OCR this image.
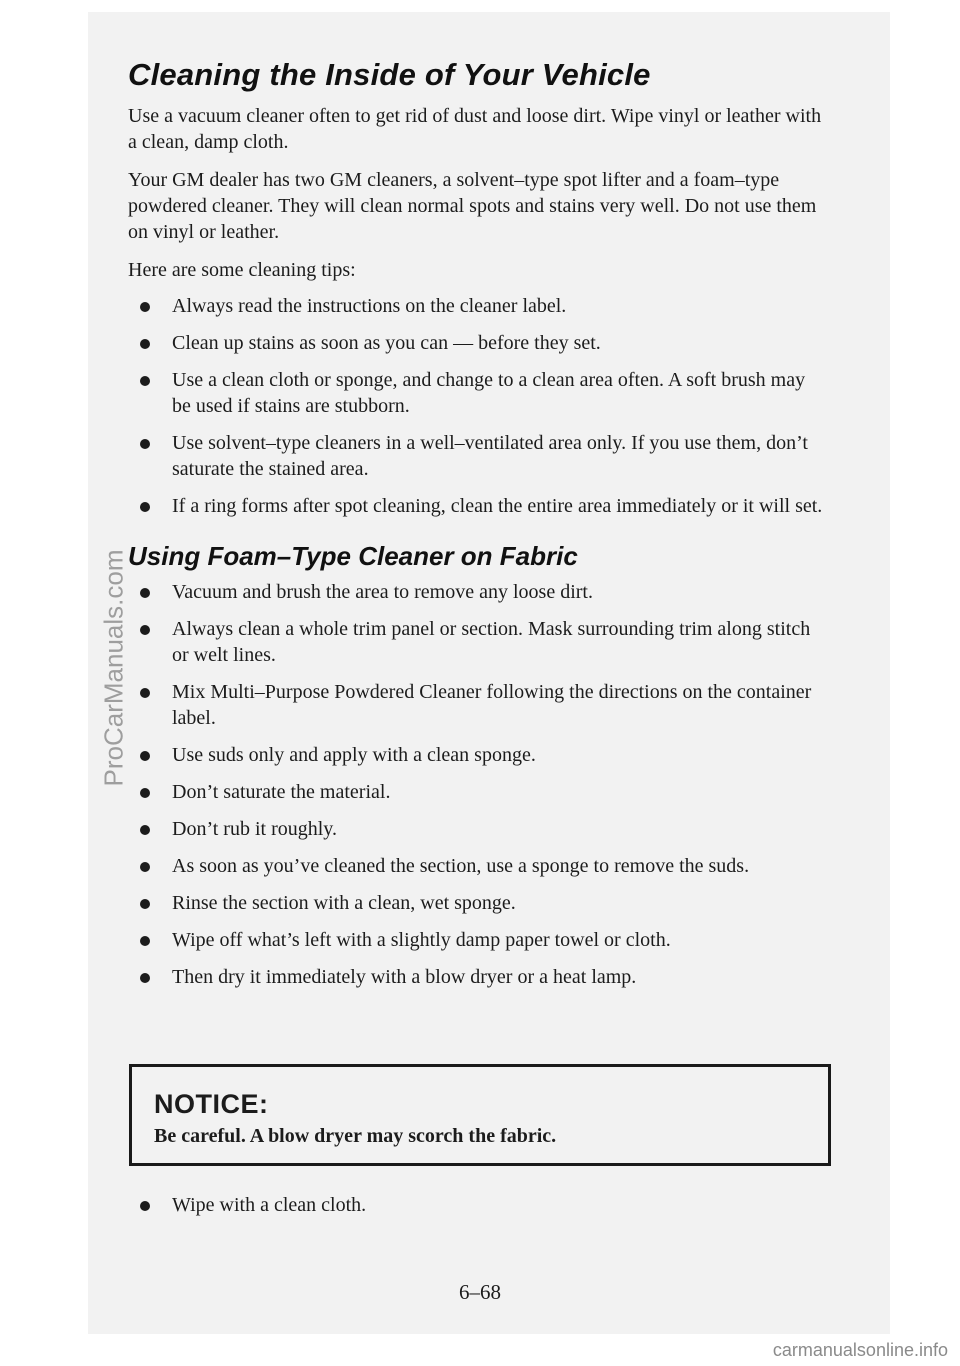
Cleaning the Inside of Your Vehicle

Use a vacuum cleaner often to get rid of dust and loose dirt. Wipe vinyl or leather with a clean, damp cloth.

Your GM dealer has two GM cleaners, a solvent–type spot lifter and a foam–type powdered cleaner. They will clean normal spots and stains very well. Do not use them on vinyl or leather.

Here are some cleaning tips:

Always read the instructions on the cleaner label.
Clean up stains as soon as you can — before they set.
Use a clean cloth or sponge, and change to a clean area often. A soft brush may be used if stains are stubborn.
Use solvent–type cleaners in a well–ventilated area only. If you use them, don’t saturate the stained area.
If a ring forms after spot cleaning, clean the entire area immediately or it will set.
Using Foam–Type Cleaner on Fabric
Vacuum and brush the area to remove any loose dirt.
Always clean a whole trim panel or section. Mask surrounding trim along stitch or welt lines.
Mix Multi–Purpose Powdered Cleaner following the directions on the container label.
Use suds only and apply with a clean sponge.
Don’t saturate the material.
Don’t rub it roughly.
As soon as you’ve cleaned the section, use a sponge to remove the suds.
Rinse the section with a clean, wet sponge.
Wipe off what’s left with a slightly damp paper towel or cloth.
Then dry it immediately with a blow dryer or a heat lamp.
NOTICE:
Be careful. A blow dryer may scorch the fabric.
Wipe with a clean cloth.
6–68
ProCarManuals.com
carmanualsonline.info
